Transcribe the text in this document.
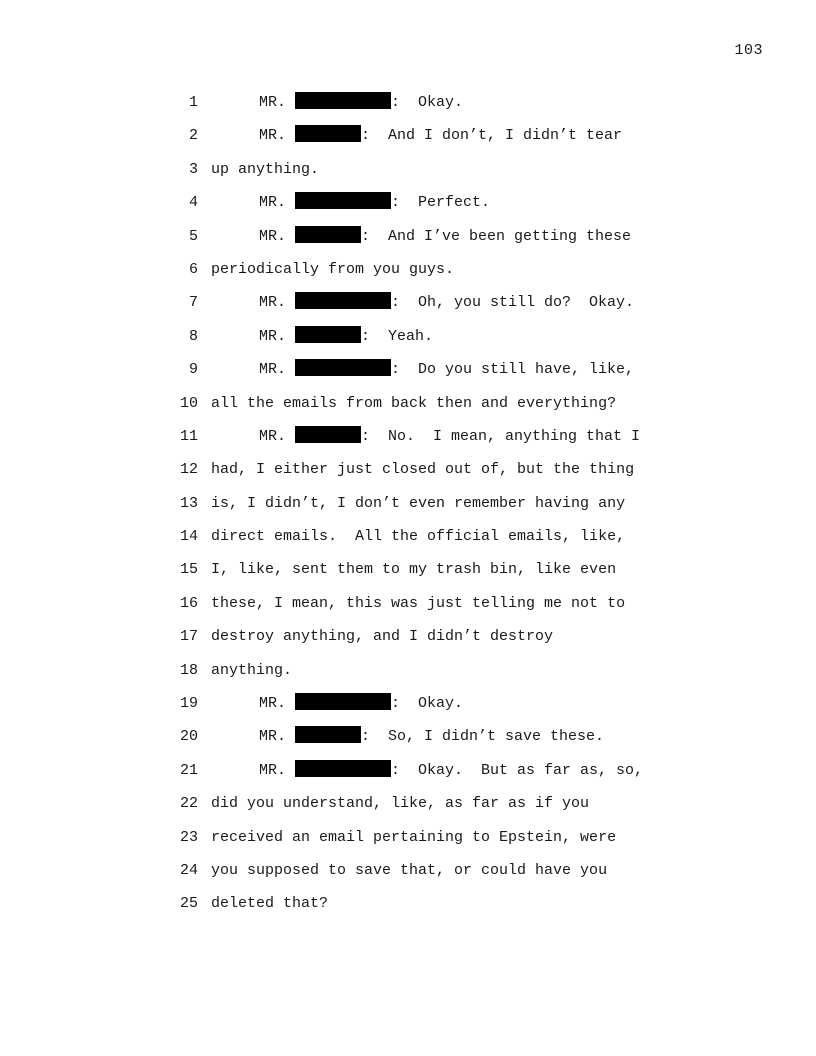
103
1	MR.	:  Okay.
2	MR.	:  And I don’t, I didn’t tear
3 up anything.
4	MR.	:  Perfect.
5	MR.	:  And I’ve been getting these
6 periodically from you guys.
7	MR.	:  Oh, you still do?  Okay.
8	MR.	:  Yeah.
9	MR.	:  Do you still have, like,
10 all the emails from back then and everything?
11	MR.	:  No.  I mean, anything that I
12 had, I either just closed out of, but the thing
13 is, I didn’t, I don’t even remember having any
14 direct emails.  All the official emails, like,
15 I, like, sent them to my trash bin, like even
16 these, I mean, this was just telling me not to
17 destroy anything, and I didn’t destroy
18 anything.
19	MR.	:  Okay.
20	MR.	:  So, I didn’t save these.
21	MR.	:  Okay.  But as far as, so,
22 did you understand, like, as far as if you
23 received an email pertaining to Epstein, were
24 you supposed to save that, or could have you
25 deleted that?
